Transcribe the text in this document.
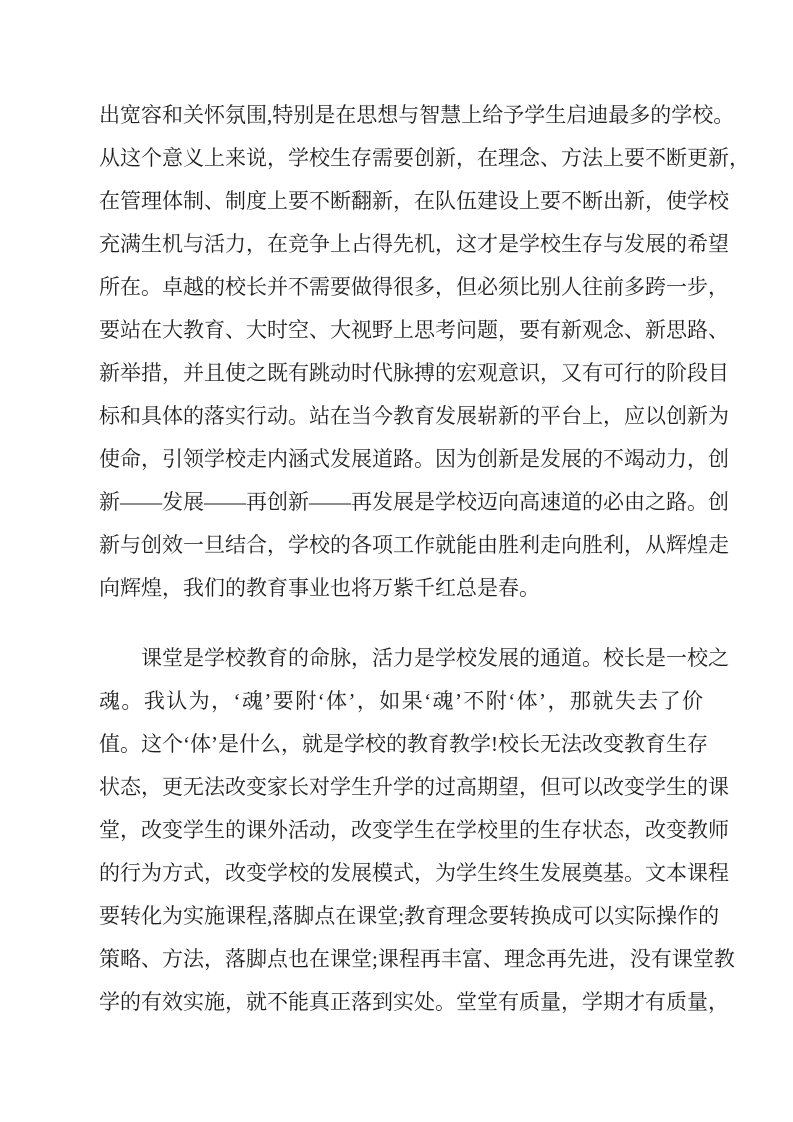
出宽容和关怀氛围,特别是在思想与智慧上给予学生启迪最多的学校。
从这个意义上来说，学校生存需要创新，在理念、方法上要不断更新，
在管理体制、制度上要不断翻新，在队伍建设上要不断出新，使学校
充满生机与活力，在竞争上占得先机，这才是学校生存与发展的希望
所在。卓越的校长并不需要做得很多，但必须比别人往前多跨一步，
要站在大教育、大时空、大视野上思考问题，要有新观念、新思路、
新举措，并且使之既有跳动时代脉搏的宏观意识，又有可行的阶段目
标和具体的落实行动。站在当今教育发展崭新的平台上，应以创新为
使命，引领学校走内涵式发展道路。因为创新是发展的不竭动力，创
新——发展——再创新——再发展是学校迈向高速道的必由之路。创
新与创效一旦结合，学校的各项工作就能由胜利走向胜利，从辉煌走
向辉煌，我们的教育事业也将万紫千红总是春。
课堂是学校教育的命脉，活力是学校发展的通道。校长是一校之
魂。我认为，‘魂’要附‘体’，如果‘魂’不附‘体’，那就失去了价
值。这个‘体’是什么，就是学校的教育教学!校长无法改变教育生存
状态，更无法改变家长对学生升学的过高期望，但可以改变学生的课
堂，改变学生的课外活动，改变学生在学校里的生存状态，改变教师
的行为方式，改变学校的发展模式，为学生终生发展奠基。文本课程
要转化为实施课程,落脚点在课堂;教育理念要转换成可以实际操作的
策略、方法，落脚点也在课堂;课程再丰富、理念再先进，没有课堂教
学的有效实施，就不能真正落到实处。堂堂有质量，学期才有质量，
